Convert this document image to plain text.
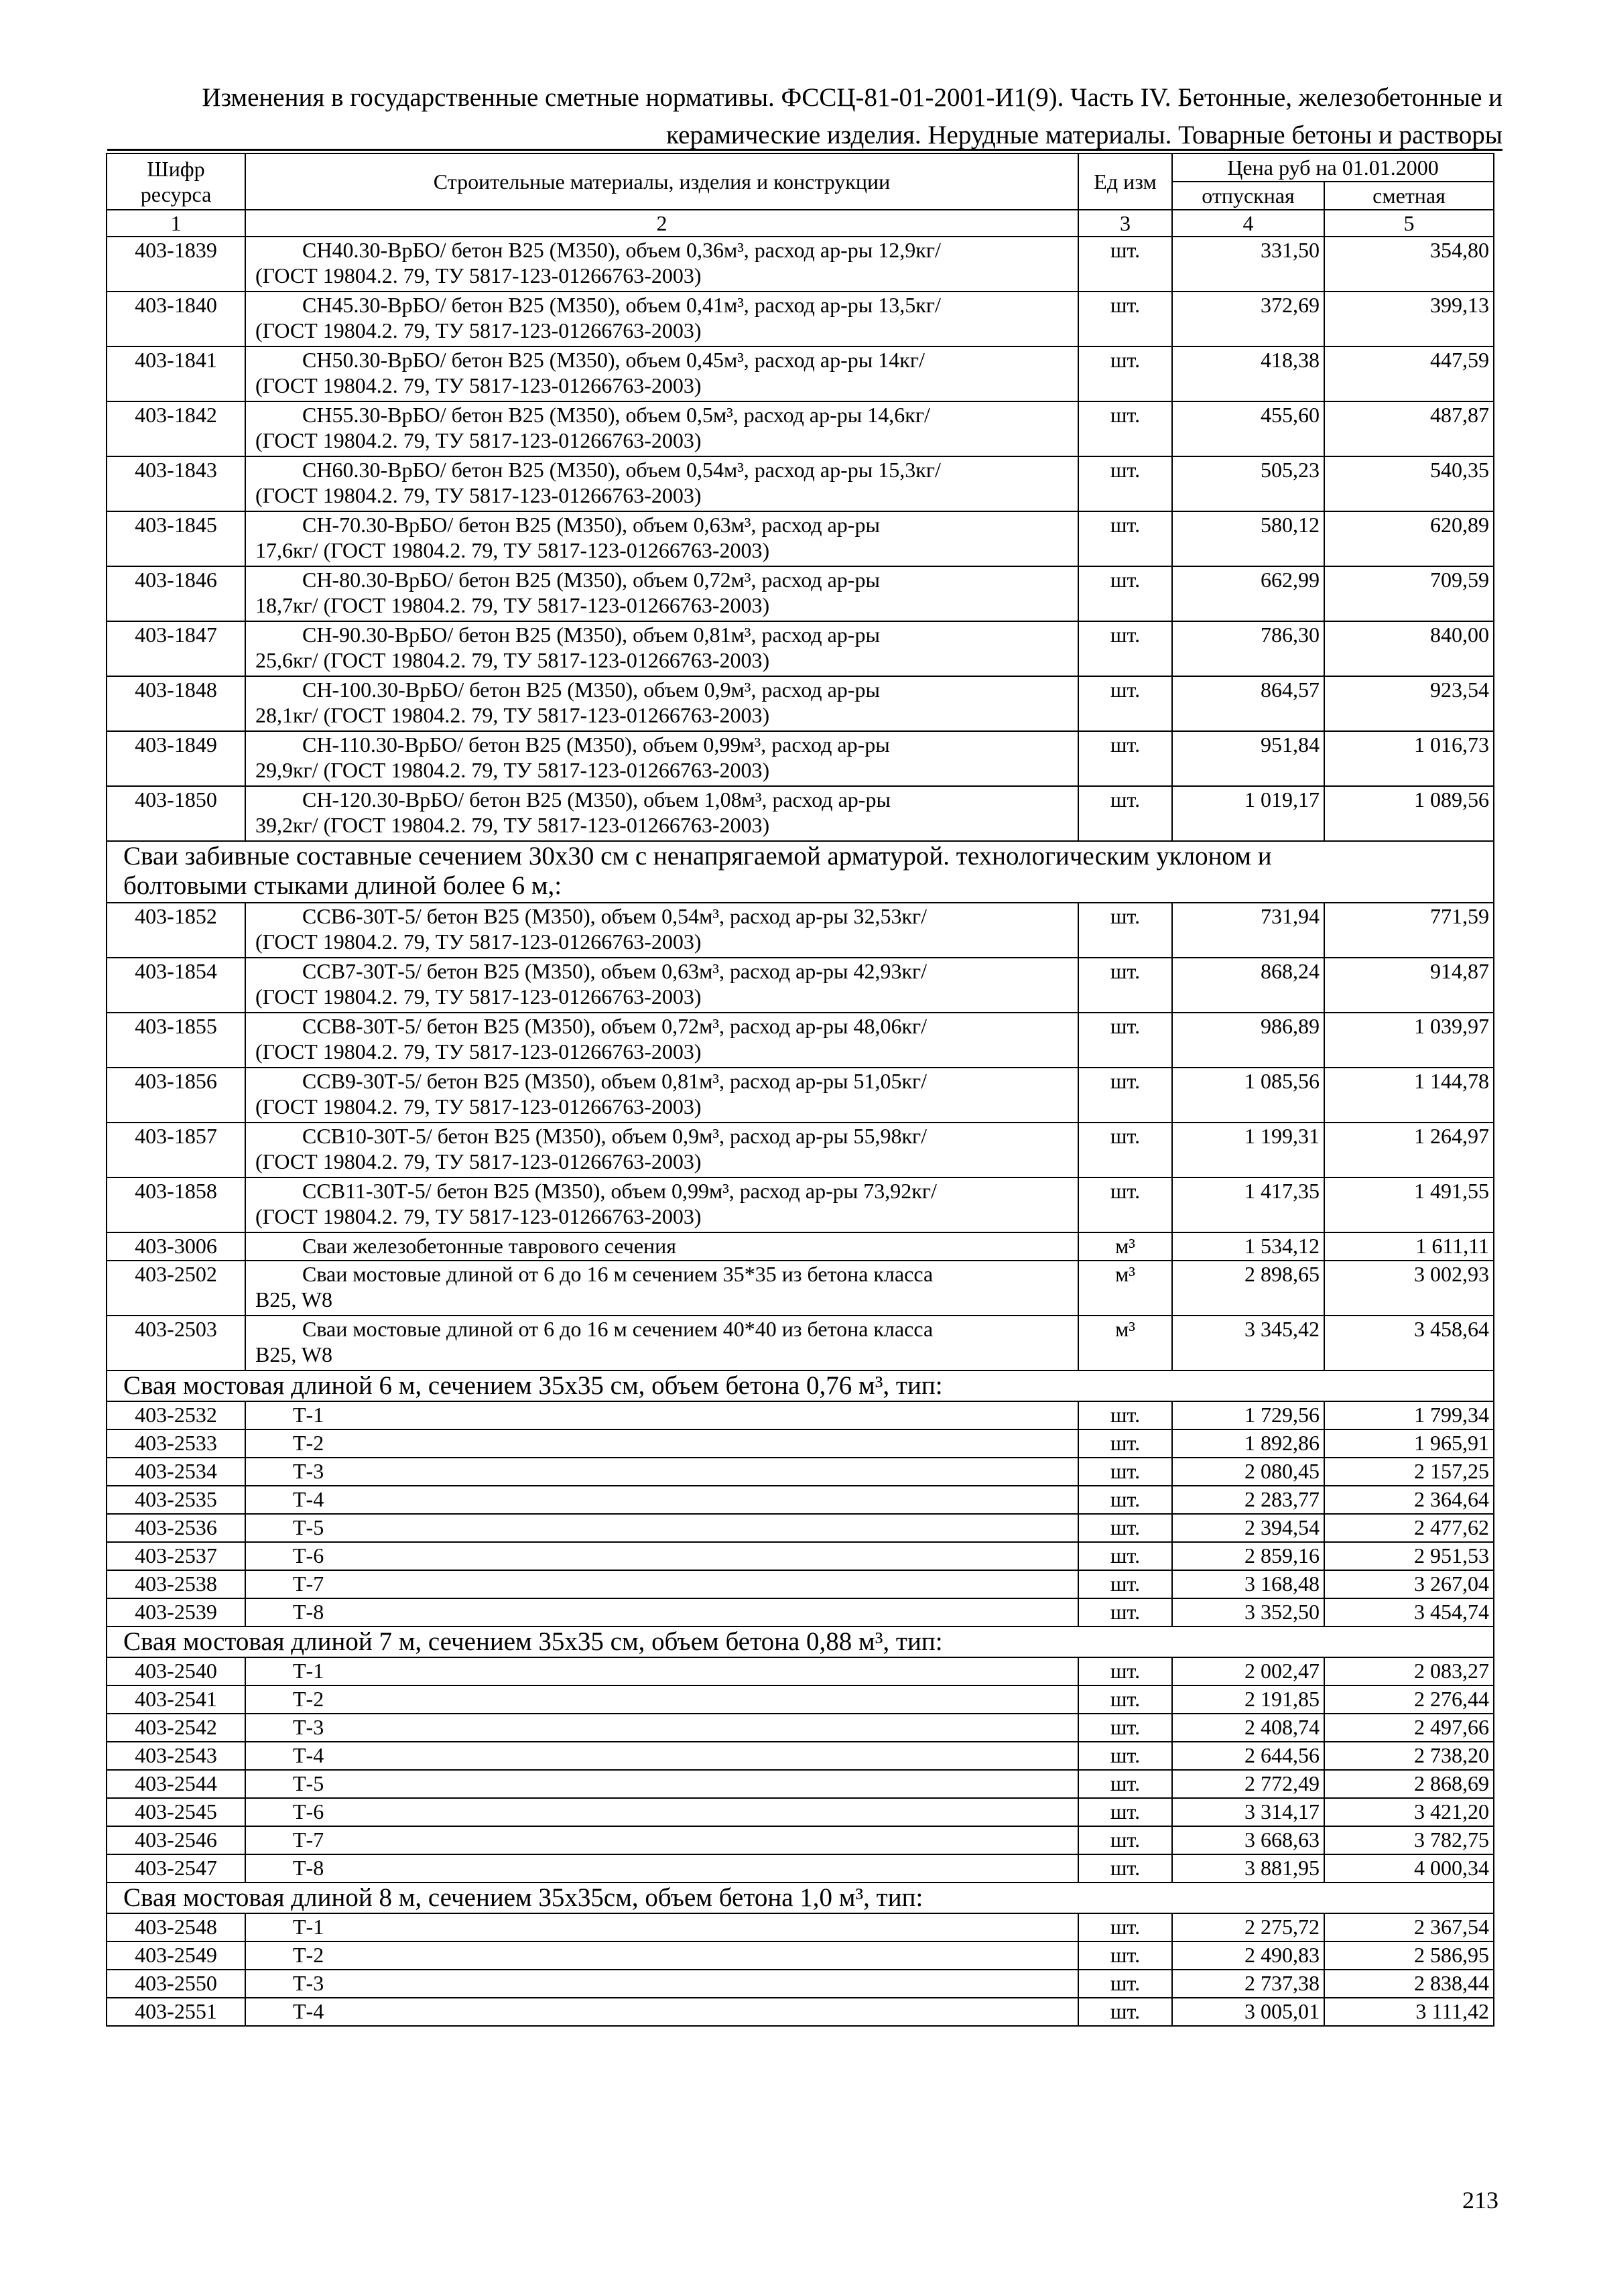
Изменения в государственные сметные нормативы. ФССЦ-81-01-2001-И1(9). Часть IV. Бетонные, железобетонные и
керамические изделия. Нерудные материалы. Товарные бетоны и растворы
Шифр ресурса	Строительные материалы, изделия и конструкции	Ед изм	Цена руб на 01.01.2000	
			отпускная	сметная
1	2	3	4	5
403-1839	СН40.30-ВрБО/ бетон В25 (М350), объем 0,36м³, расход ар-ры 12,9кг/
(ГОСТ 19804.2. 79, ТУ 5817-123-01266763-2003)	шт.	331,50	354,80
403-1840	СН45.30-ВрБО/ бетон В25 (М350), объем 0,41м³, расход ар-ры 13,5кг/
(ГОСТ 19804.2. 79, ТУ 5817-123-01266763-2003)	шт.	372,69	399,13
403-1841	СН50.30-ВрБО/ бетон В25 (М350), объем 0,45м³, расход ар-ры 14кг/
(ГОСТ 19804.2. 79, ТУ 5817-123-01266763-2003)	шт.	418,38	447,59
403-1842	СН55.30-ВрБО/ бетон В25 (М350), объем 0,5м³, расход ар-ры 14,6кг/
(ГОСТ 19804.2. 79, ТУ 5817-123-01266763-2003)	шт.	455,60	487,87
403-1843	СН60.30-ВрБО/ бетон В25 (М350), объем 0,54м³, расход ар-ры 15,3кг/
(ГОСТ 19804.2. 79, ТУ 5817-123-01266763-2003)	шт.	505,23	540,35
403-1845	СН-70.30-ВрБО/ бетон В25 (М350), объем 0,63м³, расход ар-ры
17,6кг/ (ГОСТ 19804.2. 79, ТУ 5817-123-01266763-2003)	шт.	580,12	620,89
403-1846	СН-80.30-ВрБО/ бетон В25 (М350), объем 0,72м³, расход ар-ры
18,7кг/ (ГОСТ 19804.2. 79, ТУ 5817-123-01266763-2003)	шт.	662,99	709,59
403-1847	СН-90.30-ВрБО/ бетон В25 (М350), объем 0,81м³, расход ар-ры
25,6кг/ (ГОСТ 19804.2. 79, ТУ 5817-123-01266763-2003)	шт.	786,30	840,00
403-1848	СН-100.30-ВрБО/ бетон В25 (М350), объем 0,9м³, расход ар-ры
28,1кг/ (ГОСТ 19804.2. 79, ТУ 5817-123-01266763-2003)	шт.	864,57	923,54
403-1849	СН-110.30-ВрБО/ бетон В25 (М350), объем 0,99м³, расход ар-ры
29,9кг/ (ГОСТ 19804.2. 79, ТУ 5817-123-01266763-2003)	шт.	951,84	1 016,73
403-1850	СН-120.30-ВрБО/ бетон В25 (М350), объем 1,08м³, расход ар-ры
39,2кг/ (ГОСТ 19804.2. 79, ТУ 5817-123-01266763-2003)	шт.	1 019,17	1 089,56

Сваи забивные составные сечением 30х30 см с ненапрягаемой арматурой. технологическим уклоном и
болтовыми стыками длиной более 6 м,:				

403-1852	ССВ6-30Т-5/ бетон В25 (М350), объем 0,54м³, расход ар-ры 32,53кг/
(ГОСТ 19804.2. 79, ТУ 5817-123-01266763-2003)	шт.	731,94	771,59
403-1854	ССВ7-30Т-5/ бетон В25 (М350), объем 0,63м³, расход ар-ры 42,93кг/
(ГОСТ 19804.2. 79, ТУ 5817-123-01266763-2003)	шт.	868,24	914,87
403-1855	ССВ8-30Т-5/ бетон В25 (М350), объем 0,72м³, расход ар-ры 48,06кг/
(ГОСТ 19804.2. 79, ТУ 5817-123-01266763-2003)	шт.	986,89	1 039,97
403-1856	ССВ9-30Т-5/ бетон В25 (М350), объем 0,81м³, расход ар-ры 51,05кг/
(ГОСТ 19804.2. 79, ТУ 5817-123-01266763-2003)	шт.	1 085,56	1 144,78
403-1857	ССВ10-30Т-5/ бетон В25 (М350), объем 0,9м³, расход ар-ры 55,98кг/
(ГОСТ 19804.2. 79, ТУ 5817-123-01266763-2003)	шт.	1 199,31	1 264,97
403-1858	ССВ11-30Т-5/ бетон В25 (М350), объем 0,99м³, расход ар-ры 73,92кг/
(ГОСТ 19804.2. 79, ТУ 5817-123-01266763-2003)	шт.	1 417,35	1 491,55
403-3006	Сваи железобетонные таврового сечения	м³	1 534,12	1 611,11
403-2502	Сваи мостовые длиной от 6 до 16 м сечением 35*35 из бетона класса
B25, W8	м³	2 898,65	3 002,93
403-2503	Сваи мостовые длиной от 6 до 16 м сечением 40*40 из бетона класса
B25, W8	м³	3 345,42	3 458,64

Свая мостовая длиной 6 м, сечением 35х35 см, объем бетона 0,76 м³, тип:				

403-2532	Т-1	шт.	1 729,56	1 799,34
403-2533	Т-2	шт.	1 892,86	1 965,91
403-2534	Т-3	шт.	2 080,45	2 157,25
403-2535	Т-4	шт.	2 283,77	2 364,64
403-2536	Т-5	шт.	2 394,54	2 477,62
403-2537	Т-6	шт.	2 859,16	2 951,53
403-2538	Т-7	шт.	3 168,48	3 267,04
403-2539	Т-8	шт.	3 352,50	3 454,74

Свая мостовая длиной 7 м, сечением 35х35 см, объем бетона 0,88 м³, тип:				

403-2540	Т-1	шт.	2 002,47	2 083,27
403-2541	Т-2	шт.	2 191,85	2 276,44
403-2542	Т-3	шт.	2 408,74	2 497,66
403-2543	Т-4	шт.	2 644,56	2 738,20
403-2544	Т-5	шт.	2 772,49	2 868,69
403-2545	Т-6	шт.	3 314,17	3 421,20
403-2546	Т-7	шт.	3 668,63	3 782,75
403-2547	Т-8	шт.	3 881,95	4 000,34

Свая мостовая длиной 8 м, сечением 35х35см, объем бетона 1,0 м³, тип:				

403-2548	Т-1	шт.	2 275,72	2 367,54
403-2549	Т-2	шт.	2 490,83	2 586,95
403-2550	Т-3	шт.	2 737,38	2 838,44
403-2551	Т-4	шт.	3 005,01	3 111,42
213
